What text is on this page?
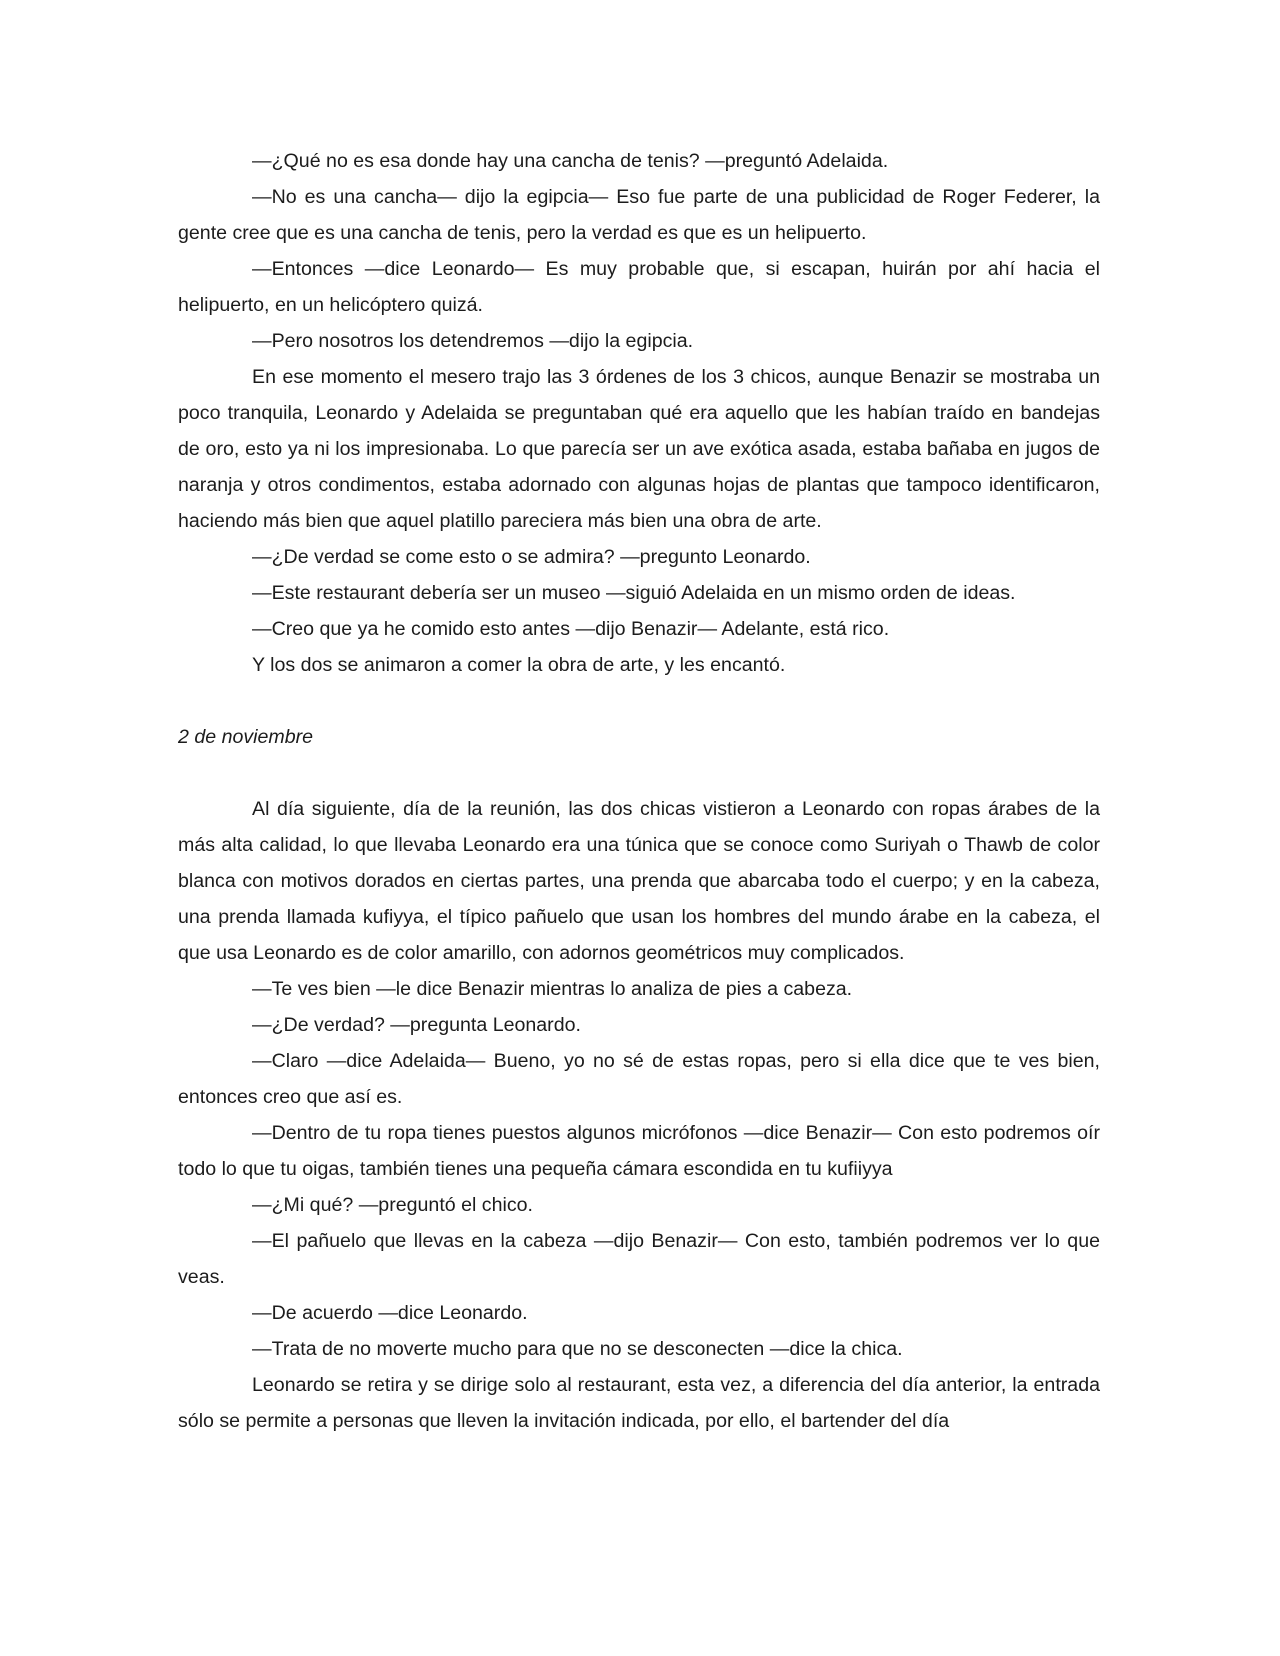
—¿Qué no es esa donde hay una cancha de tenis? —preguntó Adelaida.

—No es una cancha— dijo la egipcia— Eso fue parte de una publicidad de Roger Federer, la gente cree que es una cancha de tenis, pero la verdad es que es un helipuerto.

—Entonces —dice Leonardo— Es muy probable que, si escapan, huirán por ahí hacia el helipuerto, en un helicóptero quizá.

—Pero nosotros los detendremos —dijo la egipcia.

En ese momento el mesero trajo las 3 órdenes de los 3 chicos, aunque Benazir se mostraba un poco tranquila, Leonardo y Adelaida se preguntaban qué era aquello que les habían traído en bandejas de oro, esto ya ni los impresionaba. Lo que parecía ser un ave exótica asada, estaba bañaba en jugos de naranja y otros condimentos, estaba adornado con algunas hojas de plantas que tampoco identificaron, haciendo más bien que aquel platillo pareciera más bien una obra de arte.

—¿De verdad se come esto o se admira? —pregunto Leonardo.

—Este restaurant debería ser un museo —siguió Adelaida en un mismo orden de ideas.

—Creo que ya he comido esto antes —dijo Benazir— Adelante, está rico.

Y los dos se animaron a comer la obra de arte, y les encantó.

2 de noviembre

Al día siguiente, día de la reunión, las dos chicas vistieron a Leonardo con ropas árabes de la más alta calidad, lo que llevaba Leonardo era una túnica que se conoce como Suriyah o Thawb de color blanca con motivos dorados en ciertas partes, una prenda que abarcaba todo el cuerpo; y en la cabeza, una prenda llamada kufiyya, el típico pañuelo que usan los hombres del mundo árabe en la cabeza, el que usa Leonardo es de color amarillo, con adornos geométricos muy complicados.

—Te ves bien —le dice Benazir mientras lo analiza de pies a cabeza.

—¿De verdad? —pregunta Leonardo.

—Claro —dice Adelaida— Bueno, yo no sé de estas ropas, pero si ella dice que te ves bien, entonces creo que así es.

—Dentro de tu ropa tienes puestos algunos micrófonos —dice Benazir— Con esto podremos oír todo lo que tu oigas, también tienes una pequeña cámara escondida en tu kufiiyya

—¿Mi qué? —preguntó el chico.

—El pañuelo que llevas en la cabeza —dijo Benazir— Con esto, también podremos ver lo que veas.

—De acuerdo —dice Leonardo.

—Trata de no moverte mucho para que no se desconecten —dice la chica.

Leonardo se retira y se dirige solo al restaurant, esta vez, a diferencia del día anterior, la entrada sólo se permite a personas que lleven la invitación indicada, por ello, el bartender del día
